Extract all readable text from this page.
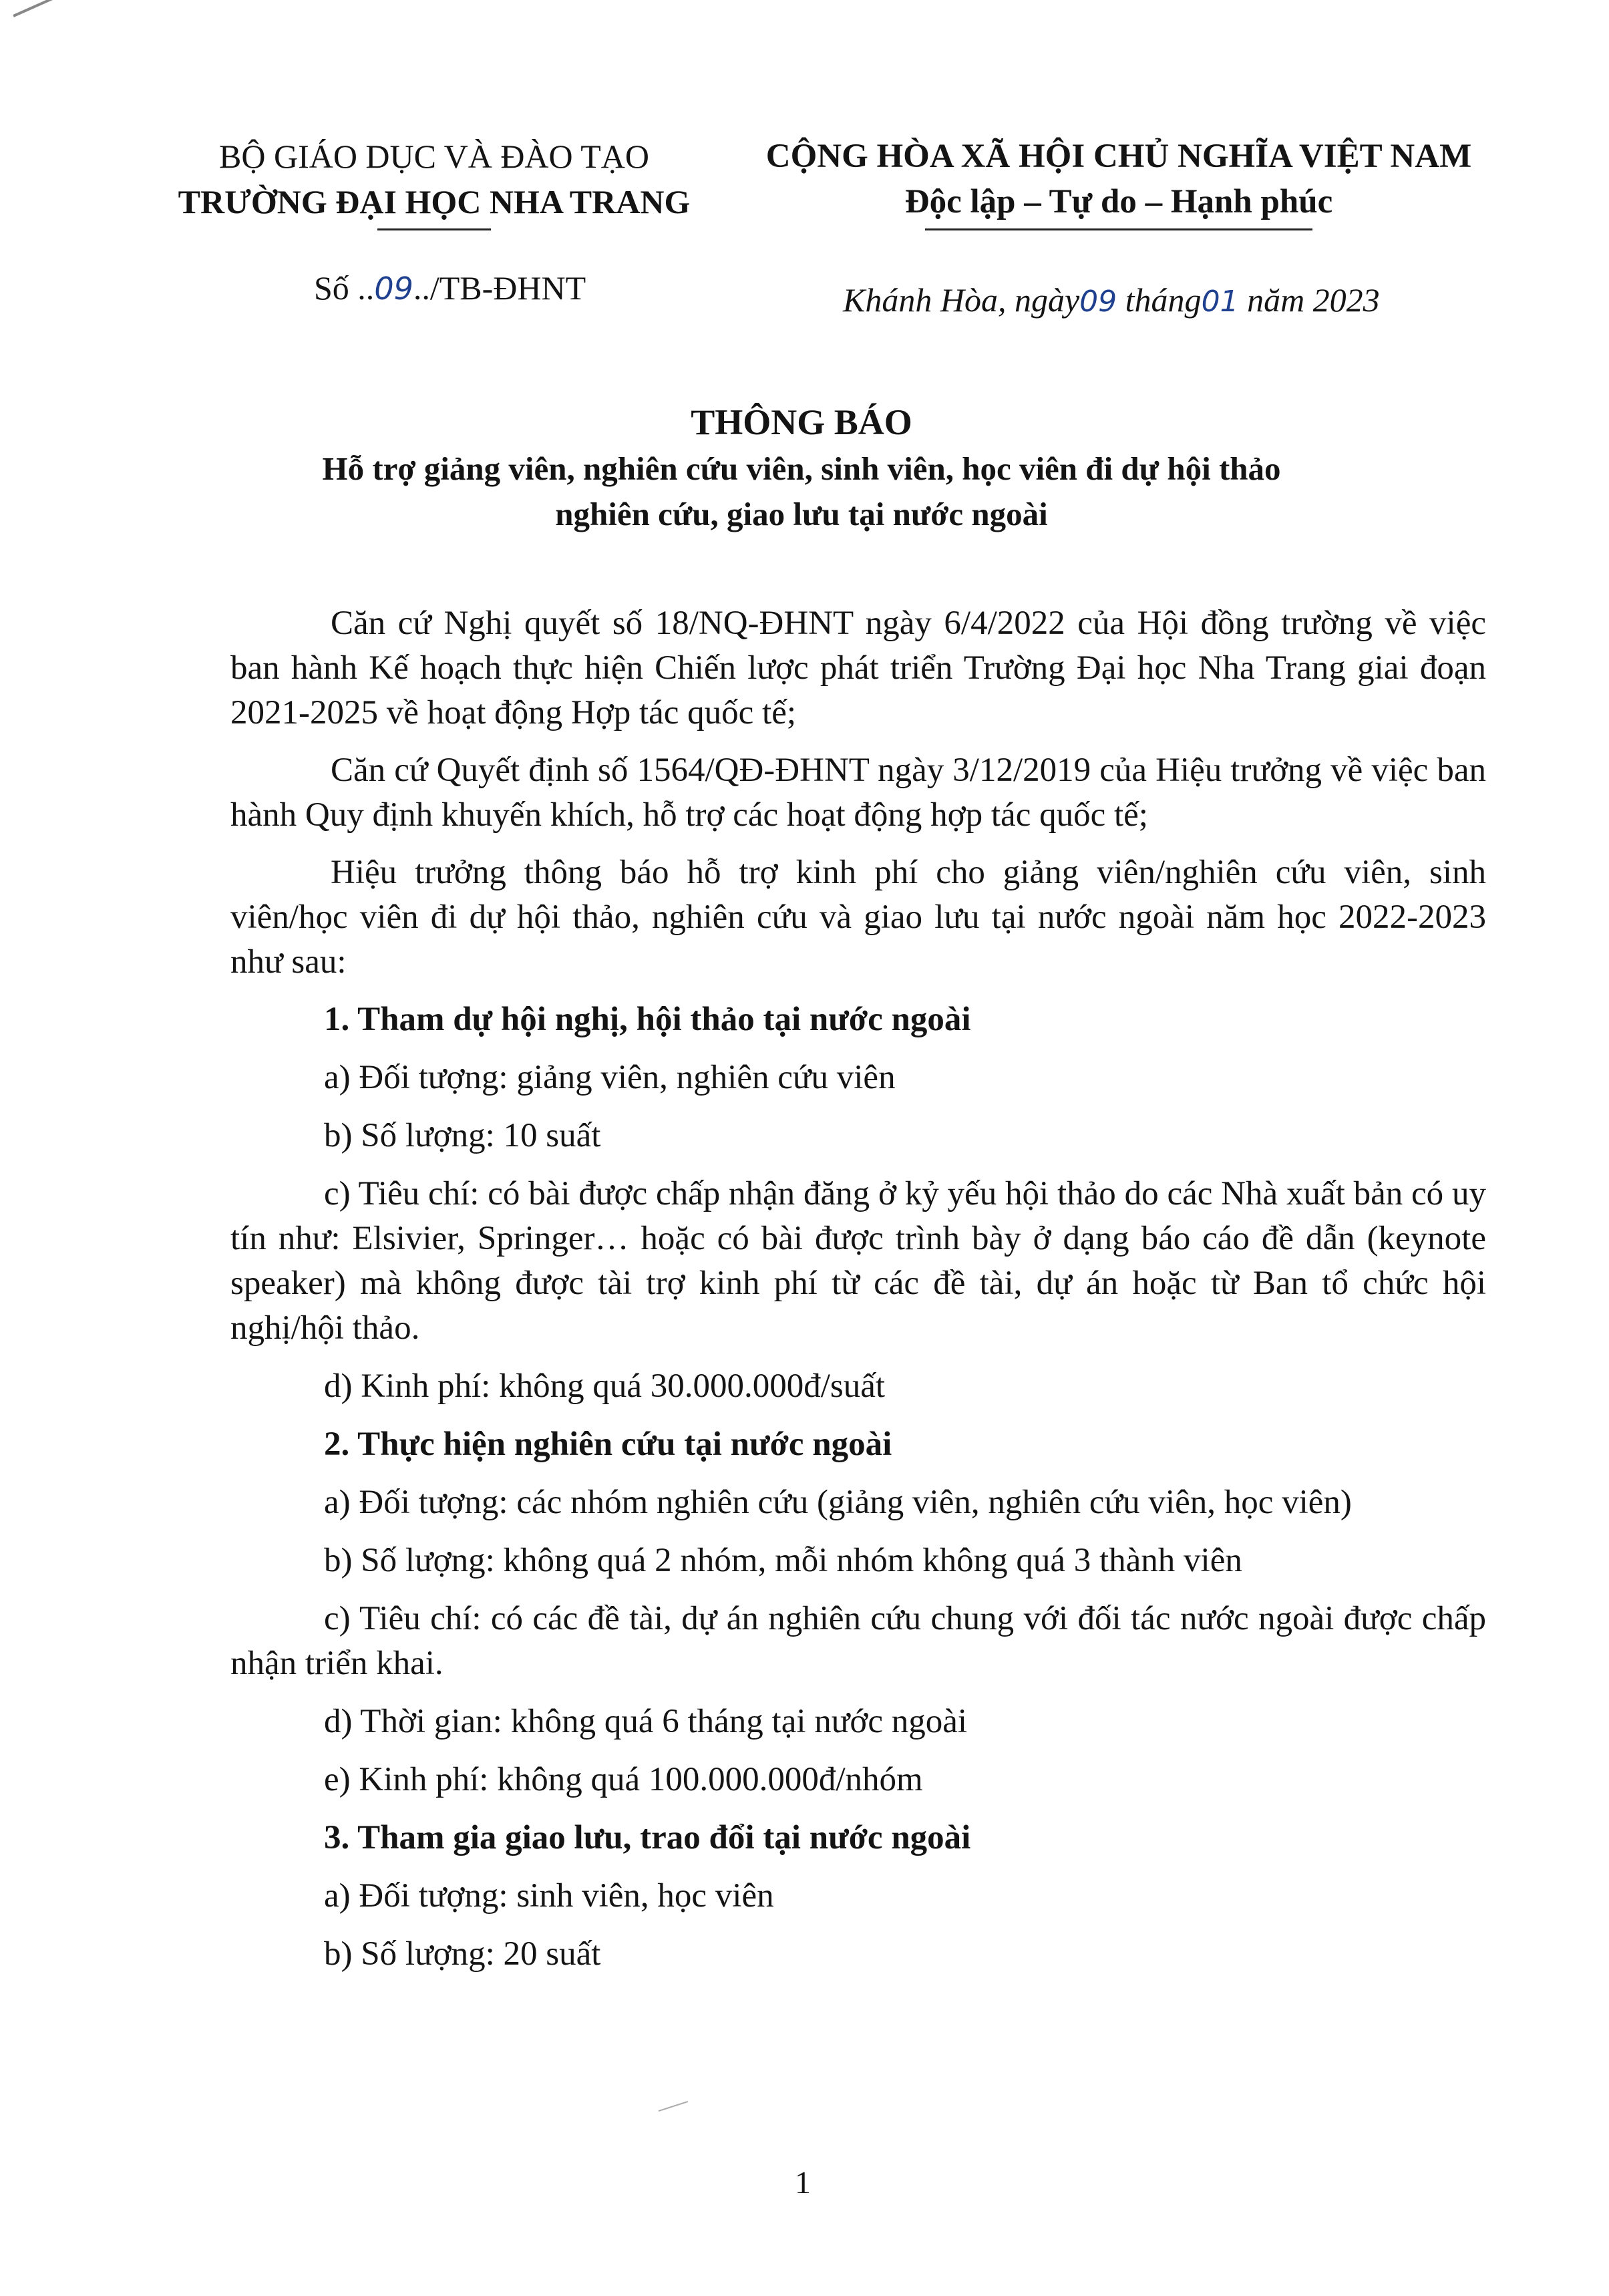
BỘ GIÁO DỤC VÀ ĐÀO TẠO
TRƯỜNG ĐẠI HỌC NHA TRANG
CỘNG HÒA XÃ HỘI CHỦ NGHĨA VIỆT NAM
Độc lập – Tự do – Hạnh phúc
Số ..09../TB-ĐHNT	Khánh Hòa, ngày09 tháng01 năm 2023
THÔNG BÁO
Hỗ trợ giảng viên, nghiên cứu viên, sinh viên, học viên đi dự hội thảo
nghiên cứu, giao lưu tại nước ngoài

Căn cứ Nghị quyết số 18/NQ-ĐHNT ngày 6/4/2022 của Hội đồng trường về việc ban hành Kế hoạch thực hiện Chiến lược phát triển Trường Đại học Nha Trang giai đoạn 2021-2025 về hoạt động Hợp tác quốc tế;

Căn cứ Quyết định số 1564/QĐ-ĐHNT ngày 3/12/2019 của Hiệu trưởng về việc ban hành Quy định khuyến khích, hỗ trợ các hoạt động hợp tác quốc tế;

Hiệu trưởng thông báo hỗ trợ kinh phí cho giảng viên/nghiên cứu viên, sinh viên/học viên đi dự hội thảo, nghiên cứu và giao lưu tại nước ngoài năm học 2022-2023 như sau:

1. Tham dự hội nghị, hội thảo tại nước ngoài
a) Đối tượng: giảng viên, nghiên cứu viên
b) Số lượng: 10 suất

c) Tiêu chí: có bài được chấp nhận đăng ở kỷ yếu hội thảo do các Nhà xuất bản có uy tín như: Elsivier, Springer… hoặc có bài được trình bày ở dạng báo cáo đề dẫn (keynote speaker) mà không được tài trợ kinh phí từ các đề tài, dự án hoặc từ Ban tổ chức hội nghị/hội thảo.

d) Kinh phí: không quá 30.000.000đ/suất
2. Thực hiện nghiên cứu tại nước ngoài
a) Đối tượng: các nhóm nghiên cứu (giảng viên, nghiên cứu viên, học viên)
b) Số lượng: không quá 2 nhóm, mỗi nhóm không quá 3 thành viên

c) Tiêu chí: có các đề tài, dự án nghiên cứu chung với đối tác nước ngoài được chấp nhận triển khai.

d) Thời gian: không quá 6 tháng tại nước ngoài
e) Kinh phí: không quá 100.000.000đ/nhóm
3. Tham gia giao lưu, trao đổi tại nước ngoài
a) Đối tượng: sinh viên, học viên
b) Số lượng: 20 suất
1
